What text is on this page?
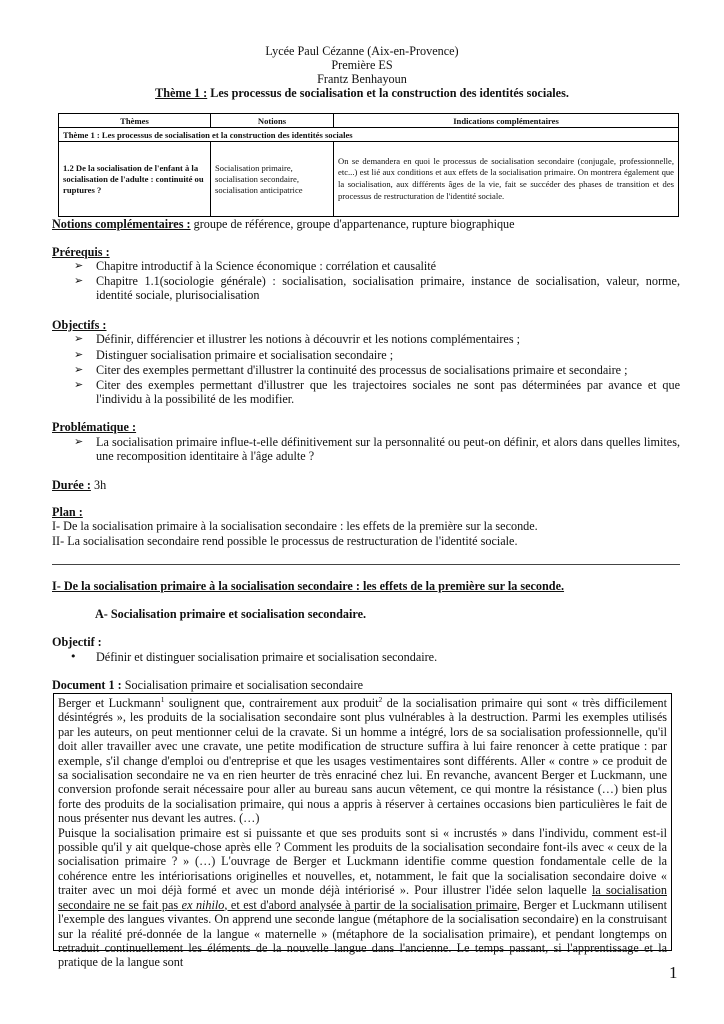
Lycée Paul Cézanne (Aix-en-Provence)
Première ES
Frantz Benhayoun
Thème 1 : Les processus de socialisation et la construction des identités sociales.
Thèmes	Notions	Indications complémentaires
Thème 1 : Les processus de socialisation et la construction des identités sociales		
1.2 De la socialisation de l'enfant à la socialisation de l'adulte : continuité ou ruptures ?	Socialisation primaire, socialisation secondaire, socialisation anticipatrice	On se demandera en quoi le processus de socialisation secondaire (conjugale, professionnelle, etc...) est lié aux conditions et aux effets de la socialisation primaire. On montrera également que la socialisation, aux différents âges de la vie, fait se succéder des phases de transition et des processus de restructuration de l'identité sociale.
Notions complémentaires : groupe de référence, groupe d'appartenance, rupture biographique
Prérequis :
➢	Chapitre introductif à la Science économique : corrélation et causalité
➢	Chapitre 1.1(sociologie générale) : socialisation, socialisation primaire, instance de socialisation, valeur, norme, identité sociale, plurisocialisation
Objectifs :
➢	Définir, différencier et illustrer les notions à découvrir et les notions complémentaires ;
➢	Distinguer socialisation primaire et socialisation secondaire ;
➢	Citer des exemples permettant d'illustrer la continuité des processus de socialisations primaire et secondaire ;
➢	Citer des exemples permettant d'illustrer que les trajectoires sociales ne sont pas déterminées par avance et que l'individu à la possibilité de les modifier.
Problématique :
➢	La socialisation primaire influe-t-elle définitivement sur la personnalité ou peut-on définir, et alors dans quelles limites, une recomposition identitaire à l'âge adulte ?
Durée : 3h
Plan :
I- De la socialisation primaire à la socialisation secondaire : les effets de la première sur la seconde.
II- La socialisation secondaire rend possible le processus de restructuration de l'identité sociale.
I- De la socialisation primaire à la socialisation secondaire : les effets de la première sur la seconde.
A- Socialisation primaire et socialisation secondaire.
Objectif :
•	Définir et distinguer socialisation primaire et socialisation secondaire.
Document 1 : Socialisation primaire et socialisation secondaire

Berger et Luckmann$^1$ soulignent que, contrairement aux produit$^2$ de la socialisation primaire qui sont « très difficilement désintégrés », les produits de la socialisation secondaire sont plus vulnérables à la destruction. Parmi les exemples utilisés par les auteurs, on peut mentionner celui de la cravate. Si un homme a intégré, lors de sa socialisation professionnelle, qu'il doit aller travailler avec une cravate, une petite modification de structure suffira à lui faire renoncer à cette pratique : par exemple, s'il change d'emploi ou d'entreprise et que les usages vestimentaires sont différents. Aller « contre » ce produit de sa socialisation secondaire ne va en rien heurter de très enraciné chez lui. En revanche, avancent Berger et Luckmann, une conversion profonde serait nécessaire pour aller au bureau sans aucun vêtement, ce qui montre la résistance (…) bien plus forte des produits de la socialisation primaire, qui nous a appris à réserver à certaines occasions bien particulières le fait de nous présenter nus devant les autres. (…)

Puisque la socialisation primaire est si puissante et que ses produits sont si « incrustés » dans l'individu, comment est-il possible qu'il y ait quelque-chose après elle ? Comment les produits de la socialisation secondaire font-ils avec « ceux de la socialisation primaire ? » (…) L'ouvrage de Berger et Luckmann identifie comme question fondamentale celle de la cohérence entre les intériorisations originelles et nouvelles, et, notamment, le fait que la socialisation secondaire doive « traiter avec un moi déjà formé et avec un monde déjà intériorisé ». Pour illustrer l'idée selon laquelle la socialisation secondaire ne se fait pas ex nihilo, et est d'abord analysée à partir de la socialisation primaire, Berger et Luckmann utilisent l'exemple des langues vivantes. On apprend une seconde langue (métaphore de la socialisation secondaire) en la construisant sur la réalité pré-donnée de la langue « maternelle » (métaphore de la socialisation primaire), et pendant longtemps on retraduit continuellement les éléments de la nouvelle langue dans l'ancienne. Le temps passant, si l'apprentissage et la pratique de la langue sont

1
